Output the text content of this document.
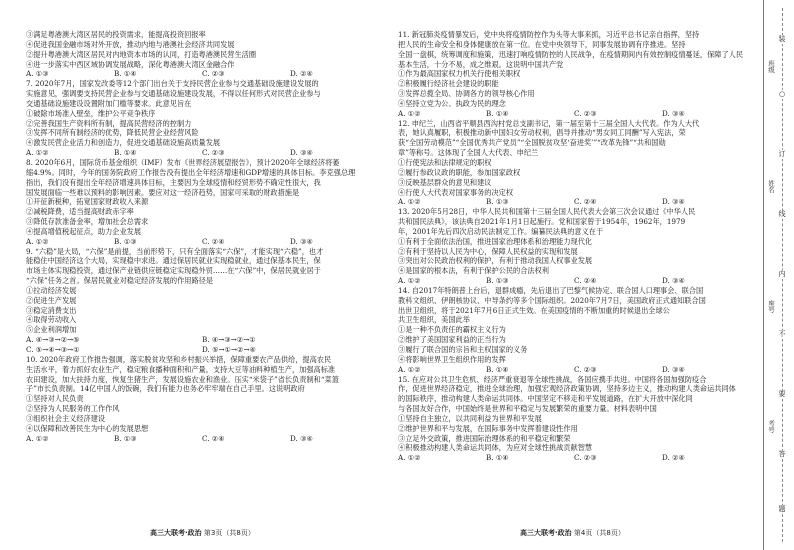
③满足粤港澳大湾区居民的投资需求，能提高投资回报率
④促进我国金融市场对外开放，推动内地与港澳社会经济共同发展
②提升粤港澳大湾区居民对内地资本市场的认同，打造粤港澳民营生活圈
④进一步落实中西区域协调发展战略，深化粤港澳大湾区金融合作
A. ①③	B. ①④	C. ②③	D. ②④
7. 2020年7月，国家发改委等12个部门出台关于支持民营企业参与交通基础设施建设发展的
实施意见，强调要支持民营企业参与交通基础设施建设发展，不得以任何形式对民营企业参与
交通基础设施建设设置附加门槛等要求。此意见旨在
①破除市场准入壁垒，维护公平竞争秩序
②完善我国生产资料所有制，提高民营经济的控制力
③发挥不同所有制经济的优势，降低民营企业经营风险
④激发民营企业活力和创造力，促进交通基础设施高质量发展
A. ①②	B. ①④	C. ②③	D. ③④
8. 2020年6月，国际货币基金组织（IMF）发布《世界经济展望报告》，预计2020年全球经济将萎
缩4.9%。同时，今年的国务院政府工作报告没有提出全年经济增速和GDP增速的具体目标。李克强总理
指出，我们没有提出全年经济增速具体目标，主要因为全球疫情和经贸形势不确定性很大，我
国发展面临一些难以预料的影响因素。要应对这一经济趋势，国家可采取的财政措施是
①开征新税种，拓宽国家财政收入来源
②减税降费，适当提高财政赤字率
③降低存款准备金率，增加社会总需求
④提高增值税起征点，助力企业发展
A. ①②	B. ①③	C. ②④	D. ③④
9. “六稳”是大局，“六保”是前提，当前形势下，只有全面落实“六保”，才能实现“六稳”，也才
能稳住中国经济这个大局，实现稳中求进。通过保居民就业实现稳就业，通过保基本民生，保
市场主体实现稳投资，通过保产业链供应链稳定实现稳外贸……在“六保”中，保居民就业居于
“六保”任务之首。保居民就业对稳定经济发展的作用路径是
①拉动经济发展
②促进生产发展
③稳定消费支出
④取得劳动收入
⑤企业利润增加
A. ④→③→②→⑤	B. ④→③→②→①
C. ⑤→④→③→①	D. ⑤→①→②→④
10. 2020年政府工作报告强调，落实脱贫攻坚和乡村振兴举措，保障重要农产品供给，提高农民
生活水平，着力抓好农业生产，稳定粮食播种面积和产量，支持大豆等油料种植生产，加强高标准
农田建设，加大扶持力度，恢复生猪生产，发展设施农业和渔业。压实“米袋子”省长负责制和“菜篮
子”市长负责制。14亿中国人的饭碗，我们有能力也务必牢牢端在自己手里。这说明政府
①坚持对人民负责
②坚持为人民服务的工作作风
③组织社会主义经济建设
④以保障和改善民生为中心的发展思想
A. ①②	B. ①③	C. ②④	D. ③④
11. 新冠肺炎疫情暴发后，党中央将疫情防控作为头等大事来抓，习近平总书记亲自指挥，坚持
把人民的生命安全和身体健康放在第一位。在党中央领导下，同事发展协调有序推进。坚持
全国一盘棋，统筹调度和施策，迅速打响疫情防控的人民战争，在疫情期间内有效控制疫情蔓延，保障了人民
基本生活，十分不易，成之维艰。这说明中国共产党
①作为最高国家权力机关行使相关职权
②积极履行经济社会建设的职能
③发挥总揽全局、协调各方的领导核心作用
④坚持立党为公、执政为民的理念
A. ①②	B. ①④	C. ②③	D. ③④
12. 申纪兰，山西省平顺县西沟村党总支副书记，第一届至第十三届全国人大代表。作为人大代
表，她认真履职，积极推动新中国妇女劳动权利，倡导并推动“男女同工同酬”写入宪法，荣
获“全国劳动模范”“全国优秀共产党员”“全国脱贫攻坚‘奋进奖’”“改革先锋”“共和国勋
章”等称号。这体现了全国人大代表、申纪兰
①行使宪法和法律规定的职权
②履行参政议政的职能，参加国家政权
③反映基层群众的意见和建议
④行使人大代表对国家事务的决定权
A. ①②	B. ①③	C. ②④	D. ③④
13. 2020年5月28日，中华人民共和国第十三届全国人民代表大会第三次会议通过《中华人民
共和国民法典》，该法典自2021年1月1日起施行。党和国家曾于1954年，1962年，1979
年，2001年先后四次启动民法制定工作。编纂民法典的意义在于
①有利于全面依法治国，推进国家治理体系和治理能力现代化
②有利于坚持以人民为中心，保障人民权益的实现和发展
③突出对公民政治权利的保护，有利于推动我国人权事业发展
④是国家的根本法，有利于保护公民的合法权利
A. ①②	B. ①③	C. ②④	D. ③④
14. 自2017年特朗普上台后，退群成瘾，先后退出了巴黎气候协定、联合国人口理事会、联合国
教科文组织、伊朗核协议、中导条约等多个国际组织。2020年7月7日，美国政府正式通知联合国
出世卫组织，将于2021年7月6日正式生效。在美国疫情的不断加重的时候退出全球公
共卫生组织，美国此举
①是一种不负责任的霸权主义行为
②维护了美国国家利益的正当行为
③履行了联合国的宗旨和主权国家的义务
④将影响世界卫生组织作用的发挥
A. ①②	B. ①④	C. ②③	D. ③④
15. 在应对公共卫生危机、经济严重衰退等全球性挑战，各国应携手共进。中国将各国加强防疫合
作，促进世界经济稳定，推进全球治理，加强宏观经济政策协调，坚持多边主义，推动构建人类命运共同体
的国际秩序，推动构建人类命运共同体。中国坚定不移走和平发展道路，在扩大开放中深化同
与各国友好合作，中国始终是世界和平稳定与发展繁荣的重要力量。材料表明中国
①坚持自主独立，以共同利益为世界和平发展
②维护世界和平与发展，在国际事务中发挥着建设性作用
③立足外交政策，推进国际治理体系的和平稳定和繁荣
④积极推动构建人类命运共同体，为应对全球性挑战贡献智慧
A. ①②	B. ①④	C. ②③	D. ②④
高三大联考·政治 第3页（共8页）	高三大联考·政治 第4页（共8页）
装
○
订
线
内
不
要
答
题
班级
姓名
座号
考号
